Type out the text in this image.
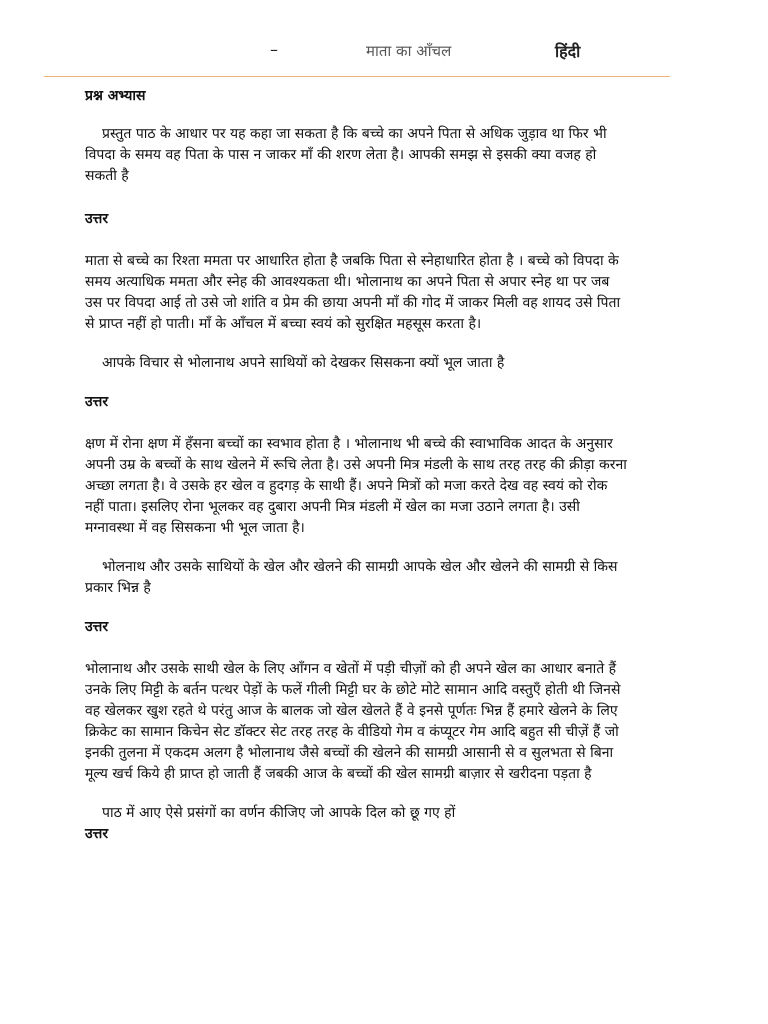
–	माता का आँचल	हिंदी

प्रश्न अभ्यास

प्रस्तुत पाठ के आधार पर यह कहा जा सकता है कि बच्चे का अपने पिता से अधिक जुड़ाव था फिर भी विपदा के समय वह पिता के पास न जाकर माँ की शरण लेता है। आपकी समझ से इसकी क्या वजह हो सकती है

उत्तर

माता से बच्चे का रिश्ता ममता पर आधारित होता है जबकि पिता से स्नेहाधारित होता है । बच्चे को विपदा के समय अत्याधिक ममता और स्नेह की आवश्यकता थी। भोलानाथ का अपने पिता से अपार स्नेह था पर जब उस पर विपदा आई तो उसे जो शांति व प्रेम की छाया अपनी माँ की गोद में जाकर मिली वह शायद उसे पिता से प्राप्त नहीं हो पाती। माँ के आँचल में बच्चा स्वयं को सुरक्षित महसूस करता है।

आपके विचार से भोलानाथ अपने साथियों को देखकर सिसकना क्यों भूल जाता है

उत्तर

क्षण में रोना क्षण में हँसना बच्चों का स्वभाव होता है । भोलानाथ भी बच्चे की स्वाभाविक आदत के अनुसार अपनी उम्र के बच्चों के साथ खेलने में रूचि लेता है। उसे अपनी मित्र मंडली के साथ तरह तरह की क्रीड़ा करना अच्छा लगता है। वे उसके हर खेल व हुदगड़ के साथी हैं। अपने मित्रों को मजा करते देख वह स्वयं को रोक नहीं पाता। इसलिए रोना भूलकर वह दुबारा अपनी मित्र मंडली में खेल का मजा उठाने लगता है। उसी मग्नावस्था में वह सिसकना भी भूल जाता है।

भोलनाथ और उसके साथियों के खेल और खेलने की सामग्री आपके खेल और खेलने की सामग्री से किस प्रकार भिन्न है

उत्तर

भोलानाथ और उसके साथी खेल के लिए आँगन व खेतों में पड़ी चीज़ों को ही अपने खेल का आधार बनाते हैं उनके लिए मिट्टी के बर्तन पत्थर पेड़ों के फलें गीली मिट्टी घर के छोटे मोटे सामान आदि वस्तुएँ होती थी जिनसे वह खेलकर खुश रहते थे परंतु आज के बालक जो खेल खेलते हैं वे इनसे पूर्णतः भिन्न हैं हमारे खेलने के लिए क्रिकेट का सामान किचेन सेट डॉक्टर सेट तरह तरह के वीडियो गेम व कंप्यूटर गेम आदि बहुत सी चीज़ें हैं जो इनकी तुलना में एकदम अलग है भोलानाथ जैसे बच्चों की खेलने की सामग्री आसानी से व सुलभता से बिना मूल्य खर्च किये ही प्राप्त हो जाती हैं जबकी आज के बच्चों की खेल सामग्री बाज़ार से खरीदना पड़ता है

पाठ में आए ऐसे प्रसंगों का वर्णन कीजिए जो आपके दिल को छू गए हों

उत्तर
